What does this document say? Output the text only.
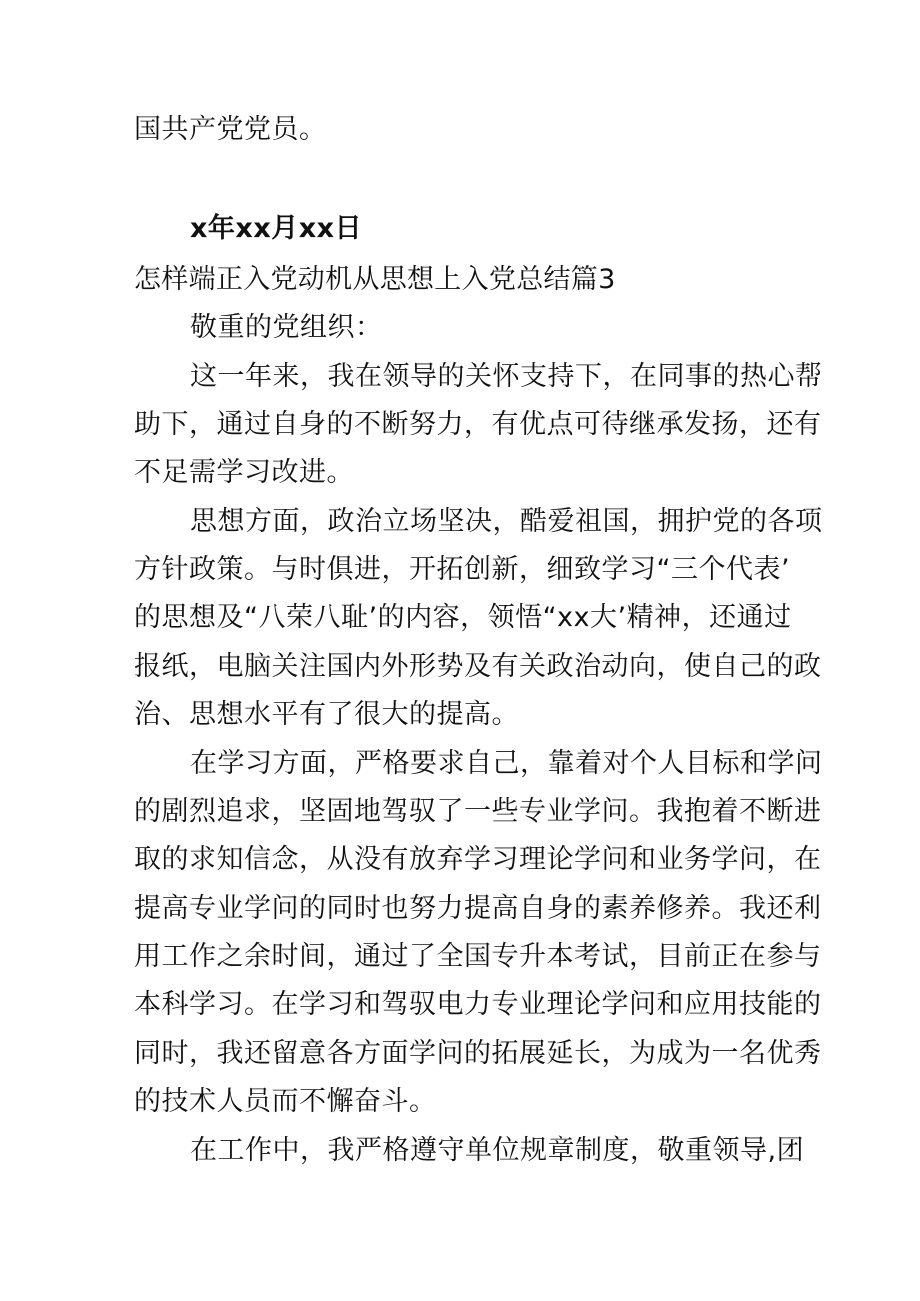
国共产党党员。
x年xx月xx日
怎样端正入党动机从思想上入党总结篇3
敬重的党组织：
这一年来，我在领导的关怀支持下，在同事的热心帮
助下，通过自身的不断努力，有优点可待继承发扬，还有
不足需学习改进。
思想方面，政治立场坚决，酷爱祖国，拥护党的各项
方针政策。与时俱进，开拓创新，细致学习“三个代表’
的思想及“八荣八耻’的内容，领悟“xx大’精神，还通过
报纸，电脑关注国内外形势及有关政治动向，使自己的政
治、思想水平有了很大的提高。
在学习方面，严格要求自己，靠着对个人目标和学问
的剧烈追求，坚固地驾驭了一些专业学问。我抱着不断进
取的求知信念，从没有放弃学习理论学问和业务学问，在
提高专业学问的同时也努力提高自身的素养修养。我还利
用工作之余时间，通过了全国专升本考试，目前正在参与
本科学习。在学习和驾驭电力专业理论学问和应用技能的
同时，我还留意各方面学问的拓展延长，为成为一名优秀
的技术人员而不懈奋斗。
在工作中，我严格遵守单位规章制度，敬重领导,团
